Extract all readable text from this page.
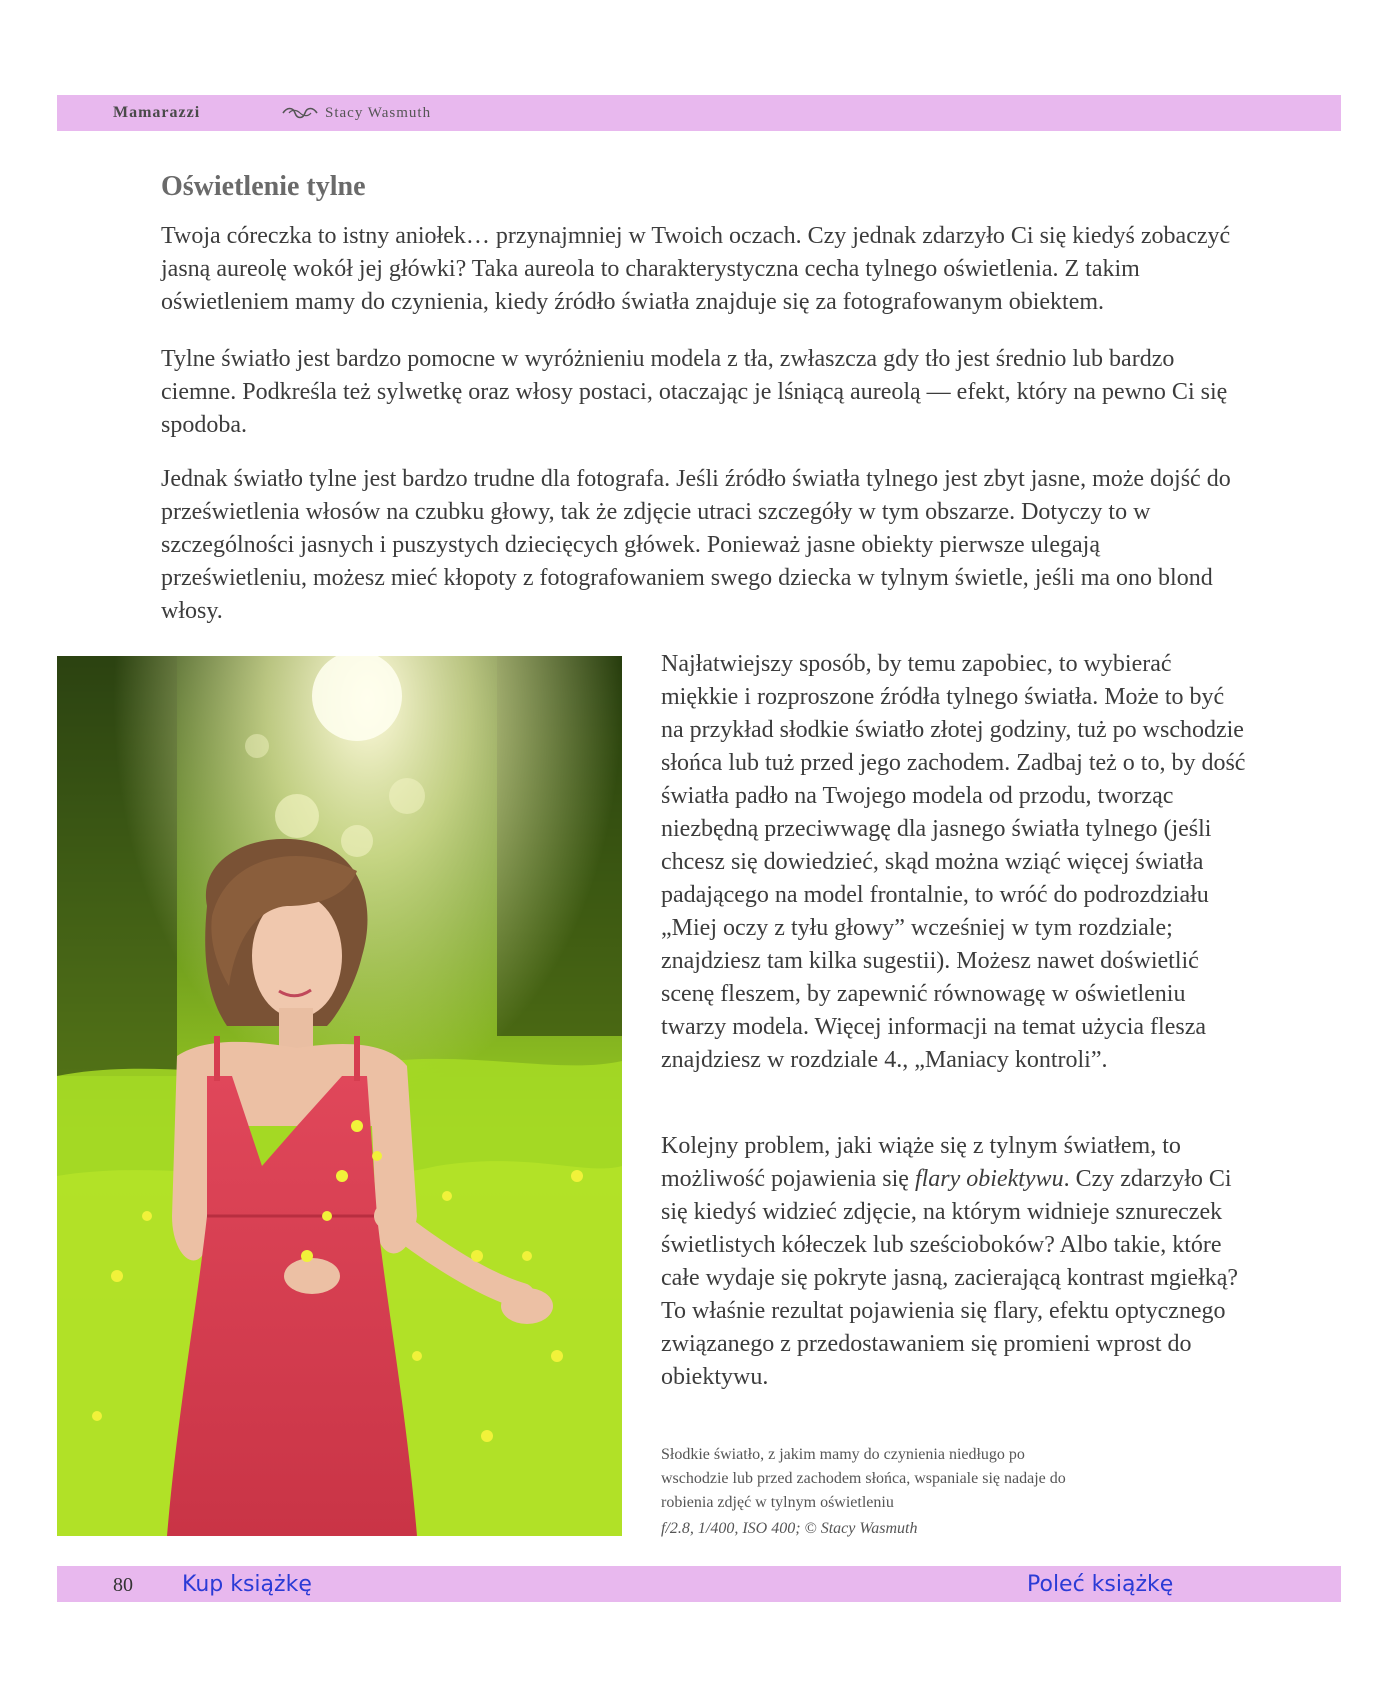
Mamarazzi	Stacy Wasmuth
Oświetlenie tylne

Twoja córeczka to istny aniołek… przynajmniej w Twoich oczach. Czy jednak zdarzyło Ci się kiedyś zobaczyć jasną aureolę wokół jej główki? Taka aureola to charakterystyczna cecha tylnego oświetlenia. Z takim oświetleniem mamy do czynienia, kiedy źródło światła znajduje się za fotografowanym obiektem.

Tylne światło jest bardzo pomocne w wyróżnieniu modela z tła, zwłaszcza gdy tło jest średnio lub bardzo ciemne. Podkreśla też sylwetkę oraz włosy postaci, otaczając je lśniącą aureolą — efekt, który na pewno Ci się spodoba.

Jednak światło tylne jest bardzo trudne dla fotografa. Jeśli źródło światła tylnego jest zbyt jasne, może dojść do prześwietlenia włosów na czubku głowy, tak że zdjęcie utraci szczegóły w tym obszarze. Dotyczy to w szczególności jasnych i puszystych dziecięcych główek. Ponieważ jasne obiekty pierwsze ulegają prześwietleniu, możesz mieć kłopoty z fotografowaniem swego dziecka w tylnym świetle, jeśli ma ono blond włosy.

Najłatwiejszy sposób, by temu zapobiec, to wybierać miękkie i rozproszone źródła tylnego światła. Może to być na przykład słodkie światło złotej godziny, tuż po wschodzie słońca lub tuż przed jego zachodem. Zadbaj też o to, by dość światła padło na Twojego modela od przodu, tworząc niezbędną przeciwwagę dla jasnego światła tylnego (jeśli chcesz się dowiedzieć, skąd można wziąć więcej światła padającego na model frontalnie, to wróć do podrozdziału „Miej oczy z tyłu głowy” wcześniej w tym rozdziale; znajdziesz tam kilka sugestii). Możesz nawet doświetlić scenę fleszem, by zapewnić równowagę w oświetleniu twarzy modela. Więcej informacji na temat użycia flesza znajdziesz w rozdziale 4., „Maniacy kontroli”.

Kolejny problem, jaki wiąże się z tylnym światłem, to możliwość pojawienia się flary obiektywu. Czy zdarzyło Ci się kiedyś widzieć zdjęcie, na którym widnieje sznureczek świetlistych kółeczek lub sześcioboków? Albo takie, które całe wydaje się pokryte jasną, zacierającą kontrast mgiełką? To właśnie rezultat pojawienia się flary, efektu optycznego związanego z przedostawaniem się promieni wprost do obiektywu.

Słodkie światło, z jakim mamy do czynienia niedługo po wschodzie lub przed zachodem słońca, wspaniale się nadaje do robienia zdjęć w tylnym oświetleniu
f/2.8, 1/400, ISO 400; © Stacy Wasmuth
80 Kup książkę	Poleć książkę
